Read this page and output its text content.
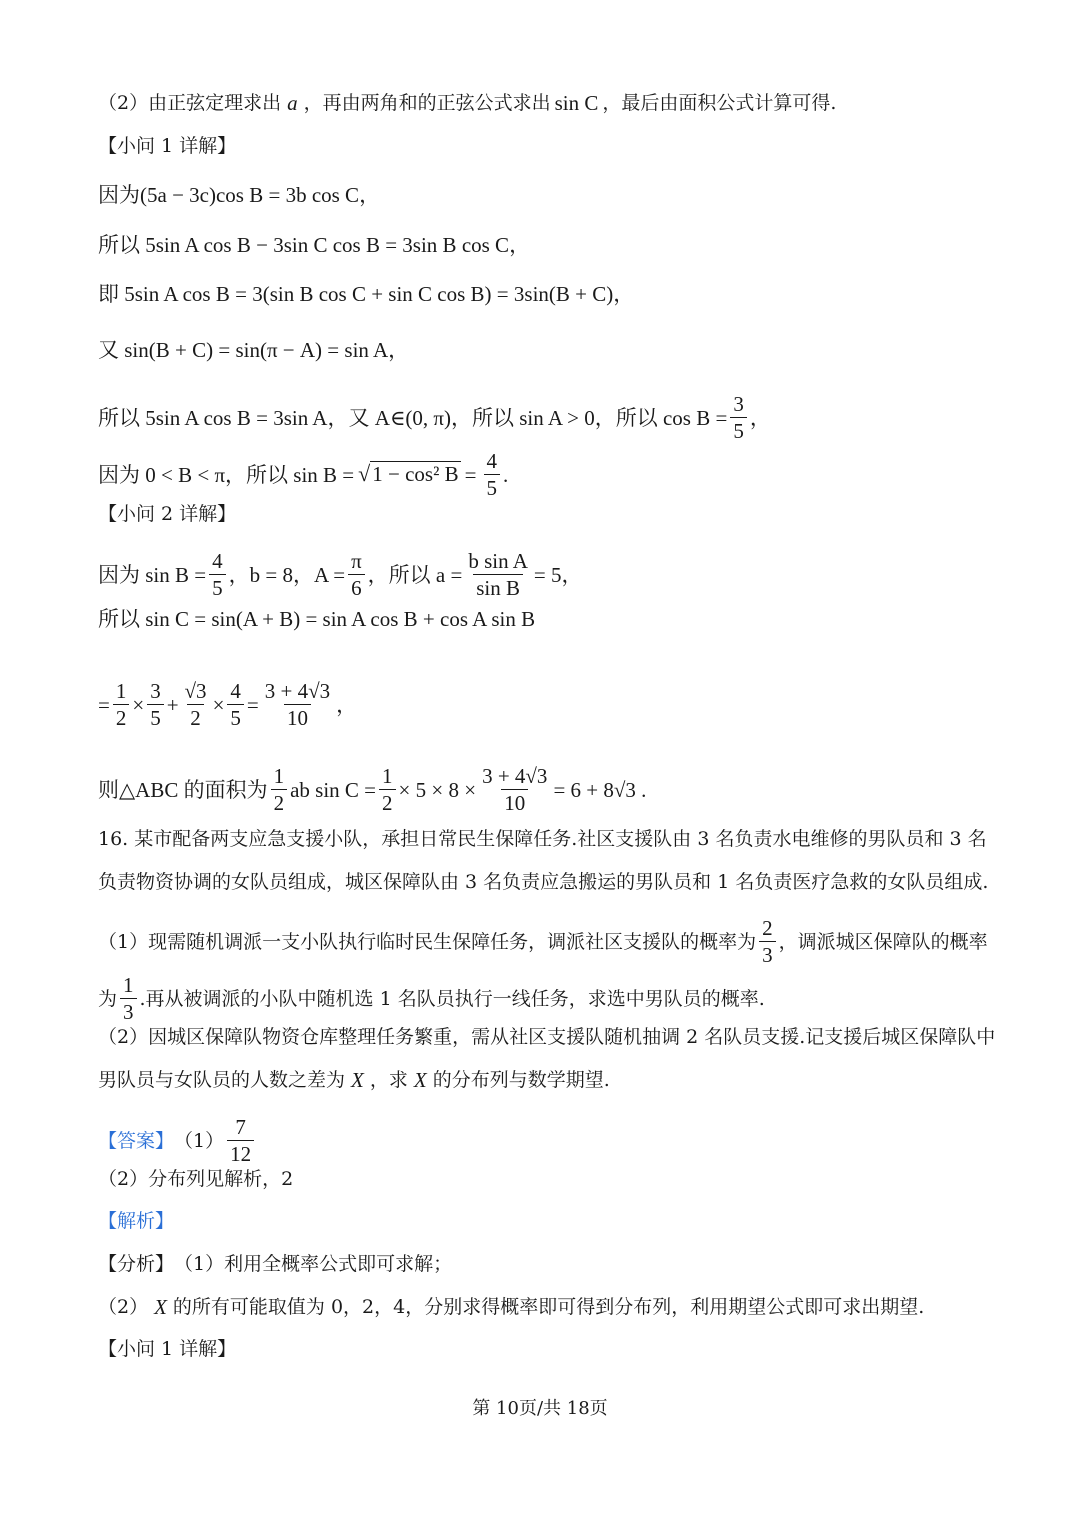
（2）由正弦定理求出 a ，再由两角和的正弦公式求出 sin C ，最后由面积公式计算可得.
【小问 1 详解】
因为(5a − 3c)cos B = 3b cos C，
所以 5sin A cos B − 3sin C cos B = 3sin B cos C，
即 5sin A cos B = 3(sin B cos C + sin C cos B) = 3sin(B + C)，
又 sin(B + C) = sin(π − A) = sin A，
所以 5sin A cos B = 3sin A，又 A∈(0, π)，所以 sin A > 0，所以 $\cos B = \frac{3}{5}$ ，
因为 0 < B < π，所以 sin B = √ 1 − cos² $B = \frac{4}{5}$ .
【小问 2 详解】
因为 $\sin B = \frac{4}{5}$ ，b = 8，$A = \frac{\pi}{6}$ ，所以 $a = \frac{\text{b sin A}}{\text{sin B}} = 5$，
所以 sin C = sin(A + B) = sin A cos B + cos A sin B
= $\frac{1}{2} \times \frac{3}{5} + \frac{√3}{2} \times \frac{4}{5} = \frac{3 + 4√3}{10}$ ，
则△ABC 的面积为 $\frac{1}{2}$ ab $\sin C = \frac{1}{2} \times 5 \times 8 \times \frac{3 + 4√3}{10} = 6 + 8√3$ .
16. 某市配备两支应急支援小队，承担日常民生保障任务.社区支援队由 3 名负责水电维修的男队员和 3 名
负责物资协调的女队员组成，城区保障队由 3 名负责应急搬运的男队员和 1 名负责医疗急救的女队员组成.
（1）现需随机调派一支小队执行临时民生保障任务，调派社区支援队的概率为 $\frac{2}{3}$ ，调派城区保障队的概率
为 $\frac{1}{3}$ .再从被调派的小队中随机选 1 名队员执行一线任务，求选中男队员的概率.
（2）因城区保障队物资仓库整理任务繁重，需从社区支援队随机抽调 2 名队员支援.记支援后城区保障队中
男队员与女队员的人数之差为 X ，求 X 的分布列与数学期望.
【答案】 $(1) \frac{7}{12}$
（2）分布列见解析，2
【解析】
【分析】 （1）利用全概率公式即可求解；
（2） X 的所有可能取值为 0，2，4，分别求得概率即可得到分布列，利用期望公式即可求出期望.
【小问 1 详解】
第 10页/共 18页
